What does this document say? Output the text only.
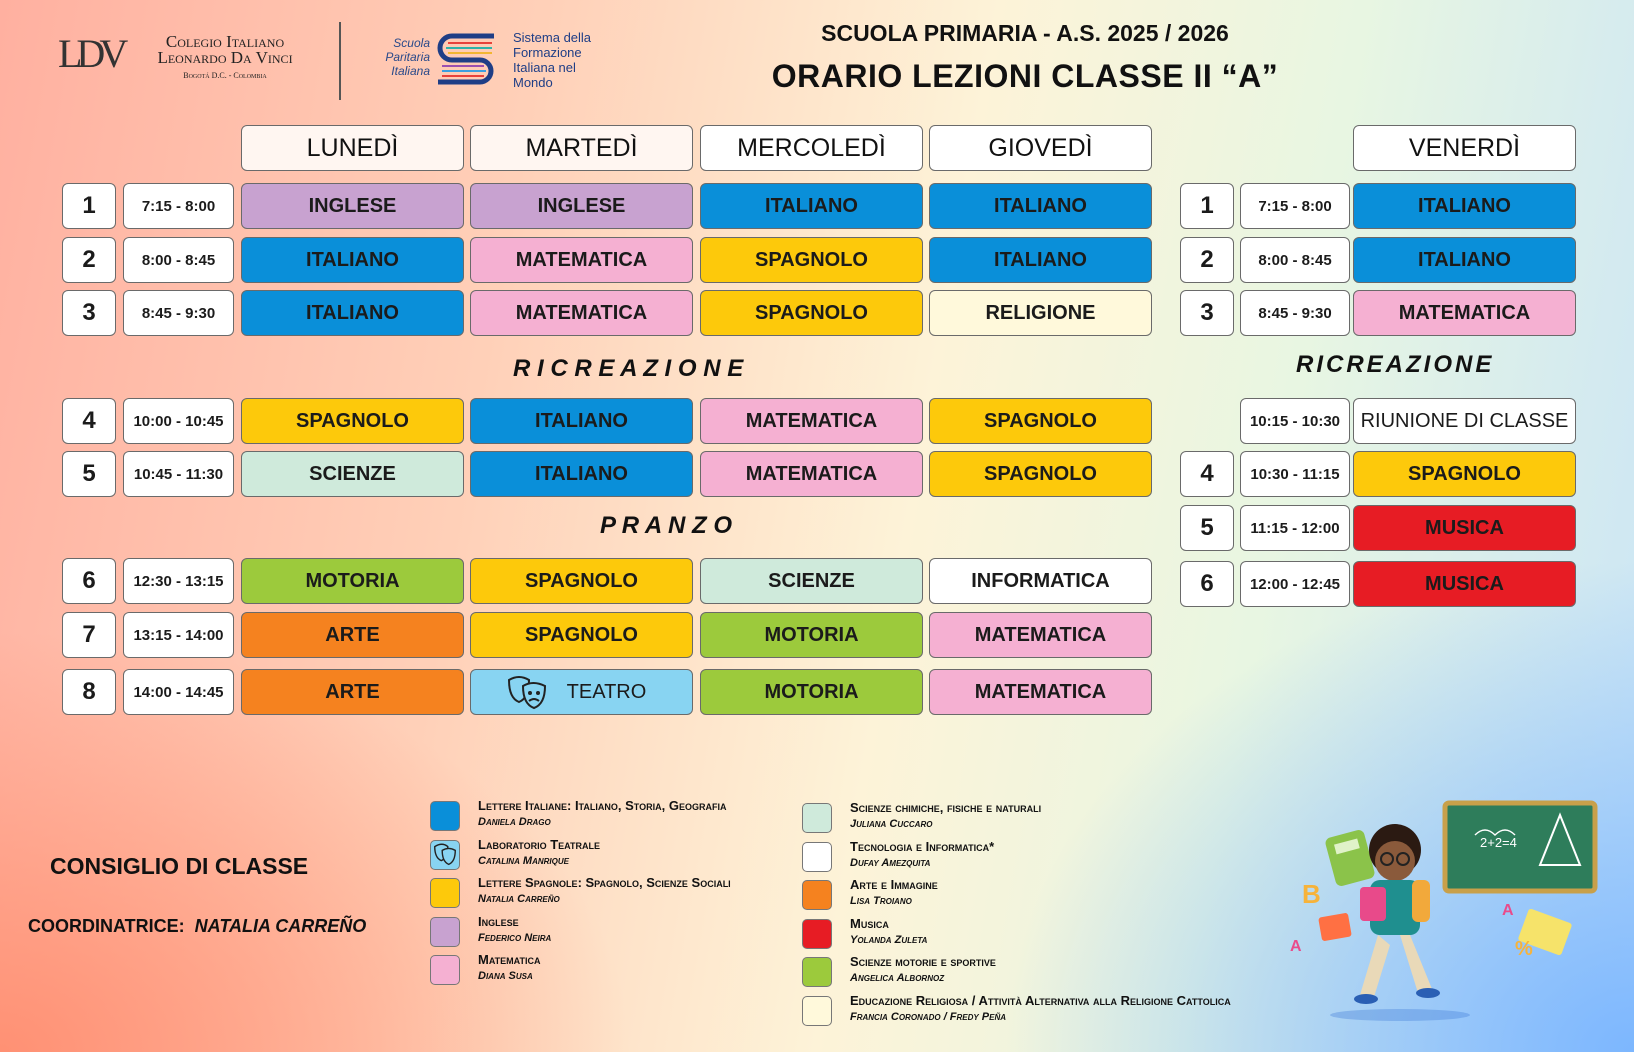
LDV	Colegio Italiano
Leonardo Da Vinci
Bogotá D.C. - Colombia
Scuola Paritaria Italiana
Sistema della
Formazione
Italiana nel
Mondo
SCUOLA PRIMARIA - A.S. 2025 / 2026
ORARIO LEZIONI CLASSE II “A”
LUNEDÌ	MARTEDÌ	MERCOLEDÌ	GIOVEDÌ	VENERDÌ
1	7:15 - 8:00	INGLESE	INGLESE	ITALIANO	ITALIANO
2	8:00 - 8:45	ITALIANO	MATEMATICA	SPAGNOLO	ITALIANO
3	8:45 - 9:30	ITALIANO	MATEMATICA	SPAGNOLO	RELIGIONE
4	10:00 - 10:45	SPAGNOLO	ITALIANO	MATEMATICA	SPAGNOLO
5	10:45 - 11:30	SCIENZE	ITALIANO	MATEMATICA	SPAGNOLO
6	12:30 - 13:15	MOTORIA	SPAGNOLO	SCIENZE	INFORMATICA
7	13:15 - 14:00	ARTE	SPAGNOLO	MOTORIA	MATEMATICA
8	14:00 - 14:45	ARTE	TEATRO	MOTORIA	MATEMATICA
1	7:15 - 8:00	ITALIANO
2	8:00 - 8:45	ITALIANO
3	8:45 - 9:30	MATEMATICA
10:15 - 10:30	RIUNIONE DI CLASSE
4	10:30 - 11:15	SPAGNOLO
5	11:15 - 12:00	MUSICA
6	12:00 - 12:45	MUSICA
R I C R E A Z I O N E
P R A N Z O
RICREAZIONE
Lettere Italiane: Italiano, Storia, Geografia
Daniela Drago
Laboratorio Teatrale
Catalina Manrique
Lettere Spagnole: Spagnolo, Scienze Sociali
Natalia Carreño
Inglese
Federico Neira
Matematica
Diana Susa
Scienze chimiche, fisiche e naturali
Juliana Cuccaro
Tecnologia e Informatica*
Dufay Amezquita
Arte e Immagine
Lisa Troiano
Musica
Yolanda Zuleta
Scienze motorie e sportive
Angelica Albornoz
Educazione Religiosa / Attività Alternativa alla Religione Cattolica
Francia Coronado / Fredy Peña
CONSIGLIO DI CLASSE
COORDINATRICE: NATALIA CARREÑO
2+2=4
B
A
A
%
